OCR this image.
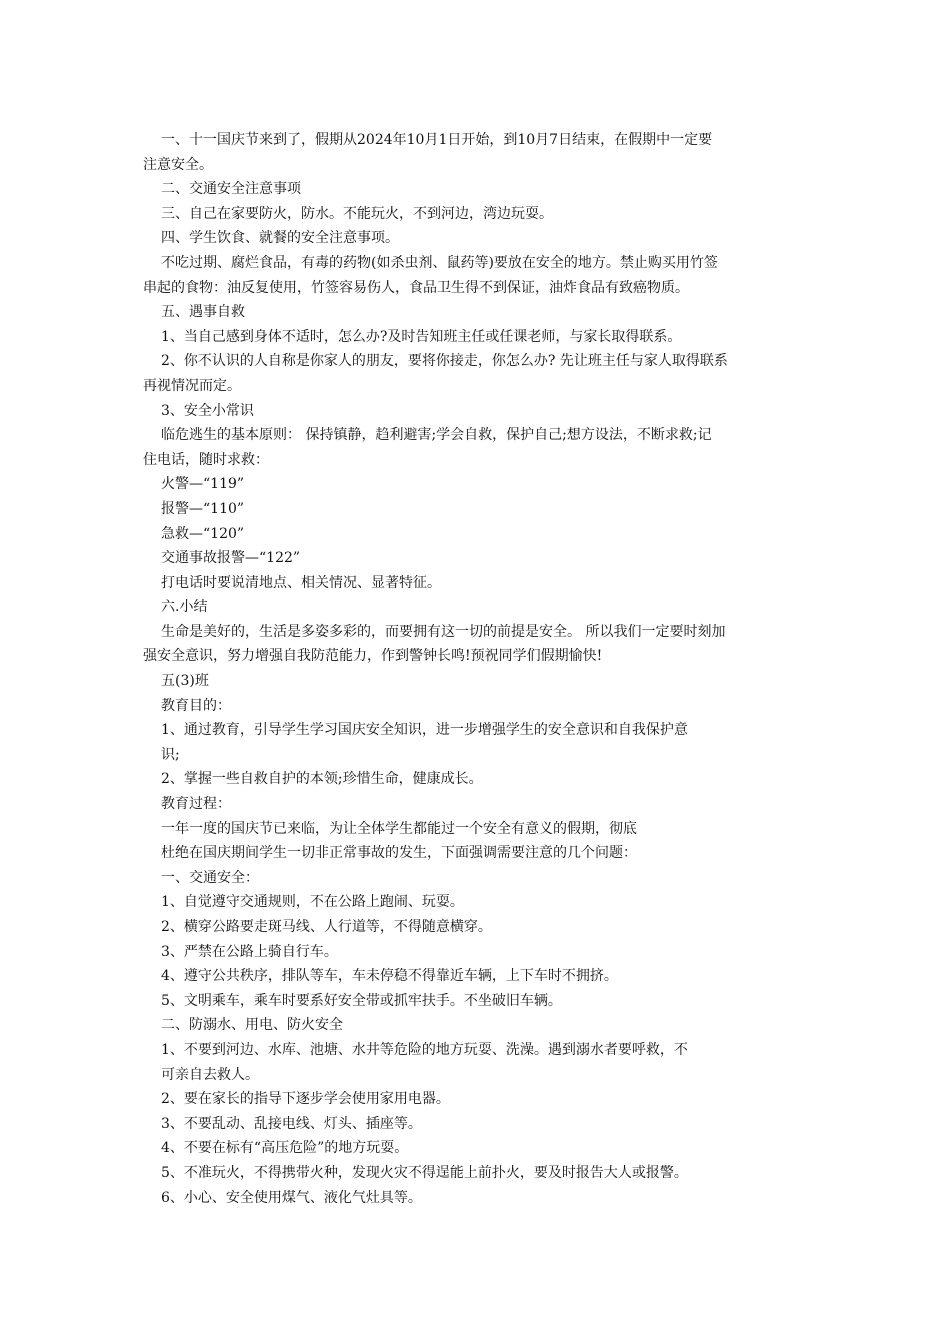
一、十一国庆节来到了，假期从2024年10月1日开始，到10月7日结束，在假期中一定要
注意安全。
二、交通安全注意事项
三、自己在家要防火，防水。不能玩火，不到河边，湾边玩耍。
四、学生饮食、就餐的安全注意事项。
不吃过期、腐烂食品，有毒的药物(如杀虫剂、鼠药等)要放在安全的地方。禁止购买用竹签
串起的食物：油反复使用，竹签容易伤人，食品卫生得不到保证，油炸食品有致癌物质。
五、遇事自救
1、当自己感到身体不适时，怎么办?及时告知班主任或任课老师，与家长取得联系。
2、你不认识的人自称是你家人的朋友，要将你接走，你怎么办? 先让班主任与家人取得联系
再视情况而定。
3、安全小常识
临危逃生的基本原则： 保持镇静，趋利避害;学会自救，保护自己;想方设法，不断求救;记
住电话，随时求救：
火警—“119”
报警—“110”
急救—“120”
交通事故报警—“122”
打电话时要说清地点、相关情况、显著特征。
六.小结
生命是美好的，生活是多姿多彩的，而要拥有这一切的前提是安全。 所以我们一定要时刻加
强安全意识，努力增强自我防范能力，作到警钟长鸣!预祝同学们假期愉快!
五(3)班
教育目的：
1、通过教育，引导学生学习国庆安全知识，进一步增强学生的安全意识和自我保护意
识;
2、掌握一些自救自护的本领;珍惜生命，健康成长。
教育过程：
一年一度的国庆节已来临，为让全体学生都能过一个安全有意义的假期，彻底
杜绝在国庆期间学生一切非正常事故的发生，下面强调需要注意的几个问题：
一、交通安全：
1、自觉遵守交通规则，不在公路上跑闹、玩耍。
2、横穿公路要走斑马线、人行道等，不得随意横穿。
3、严禁在公路上骑自行车。
4、遵守公共秩序，排队等车，车未停稳不得靠近车辆，上下车时不拥挤。
5、文明乘车，乘车时要系好安全带或抓牢扶手。不坐破旧车辆。
二、防溺水、用电、防火安全
1、不要到河边、水库、池塘、水井等危险的地方玩耍、洗澡。遇到溺水者要呼救，不
可亲自去救人。
2、要在家长的指导下逐步学会使用家用电器。
3、不要乱动、乱接电线、灯头、插座等。
4、不要在标有“高压危险”的地方玩耍。
5、不准玩火，不得携带火种，发现火灾不得逞能上前扑火，要及时报告大人或报警。
6、小心、安全使用煤气、液化气灶具等。
